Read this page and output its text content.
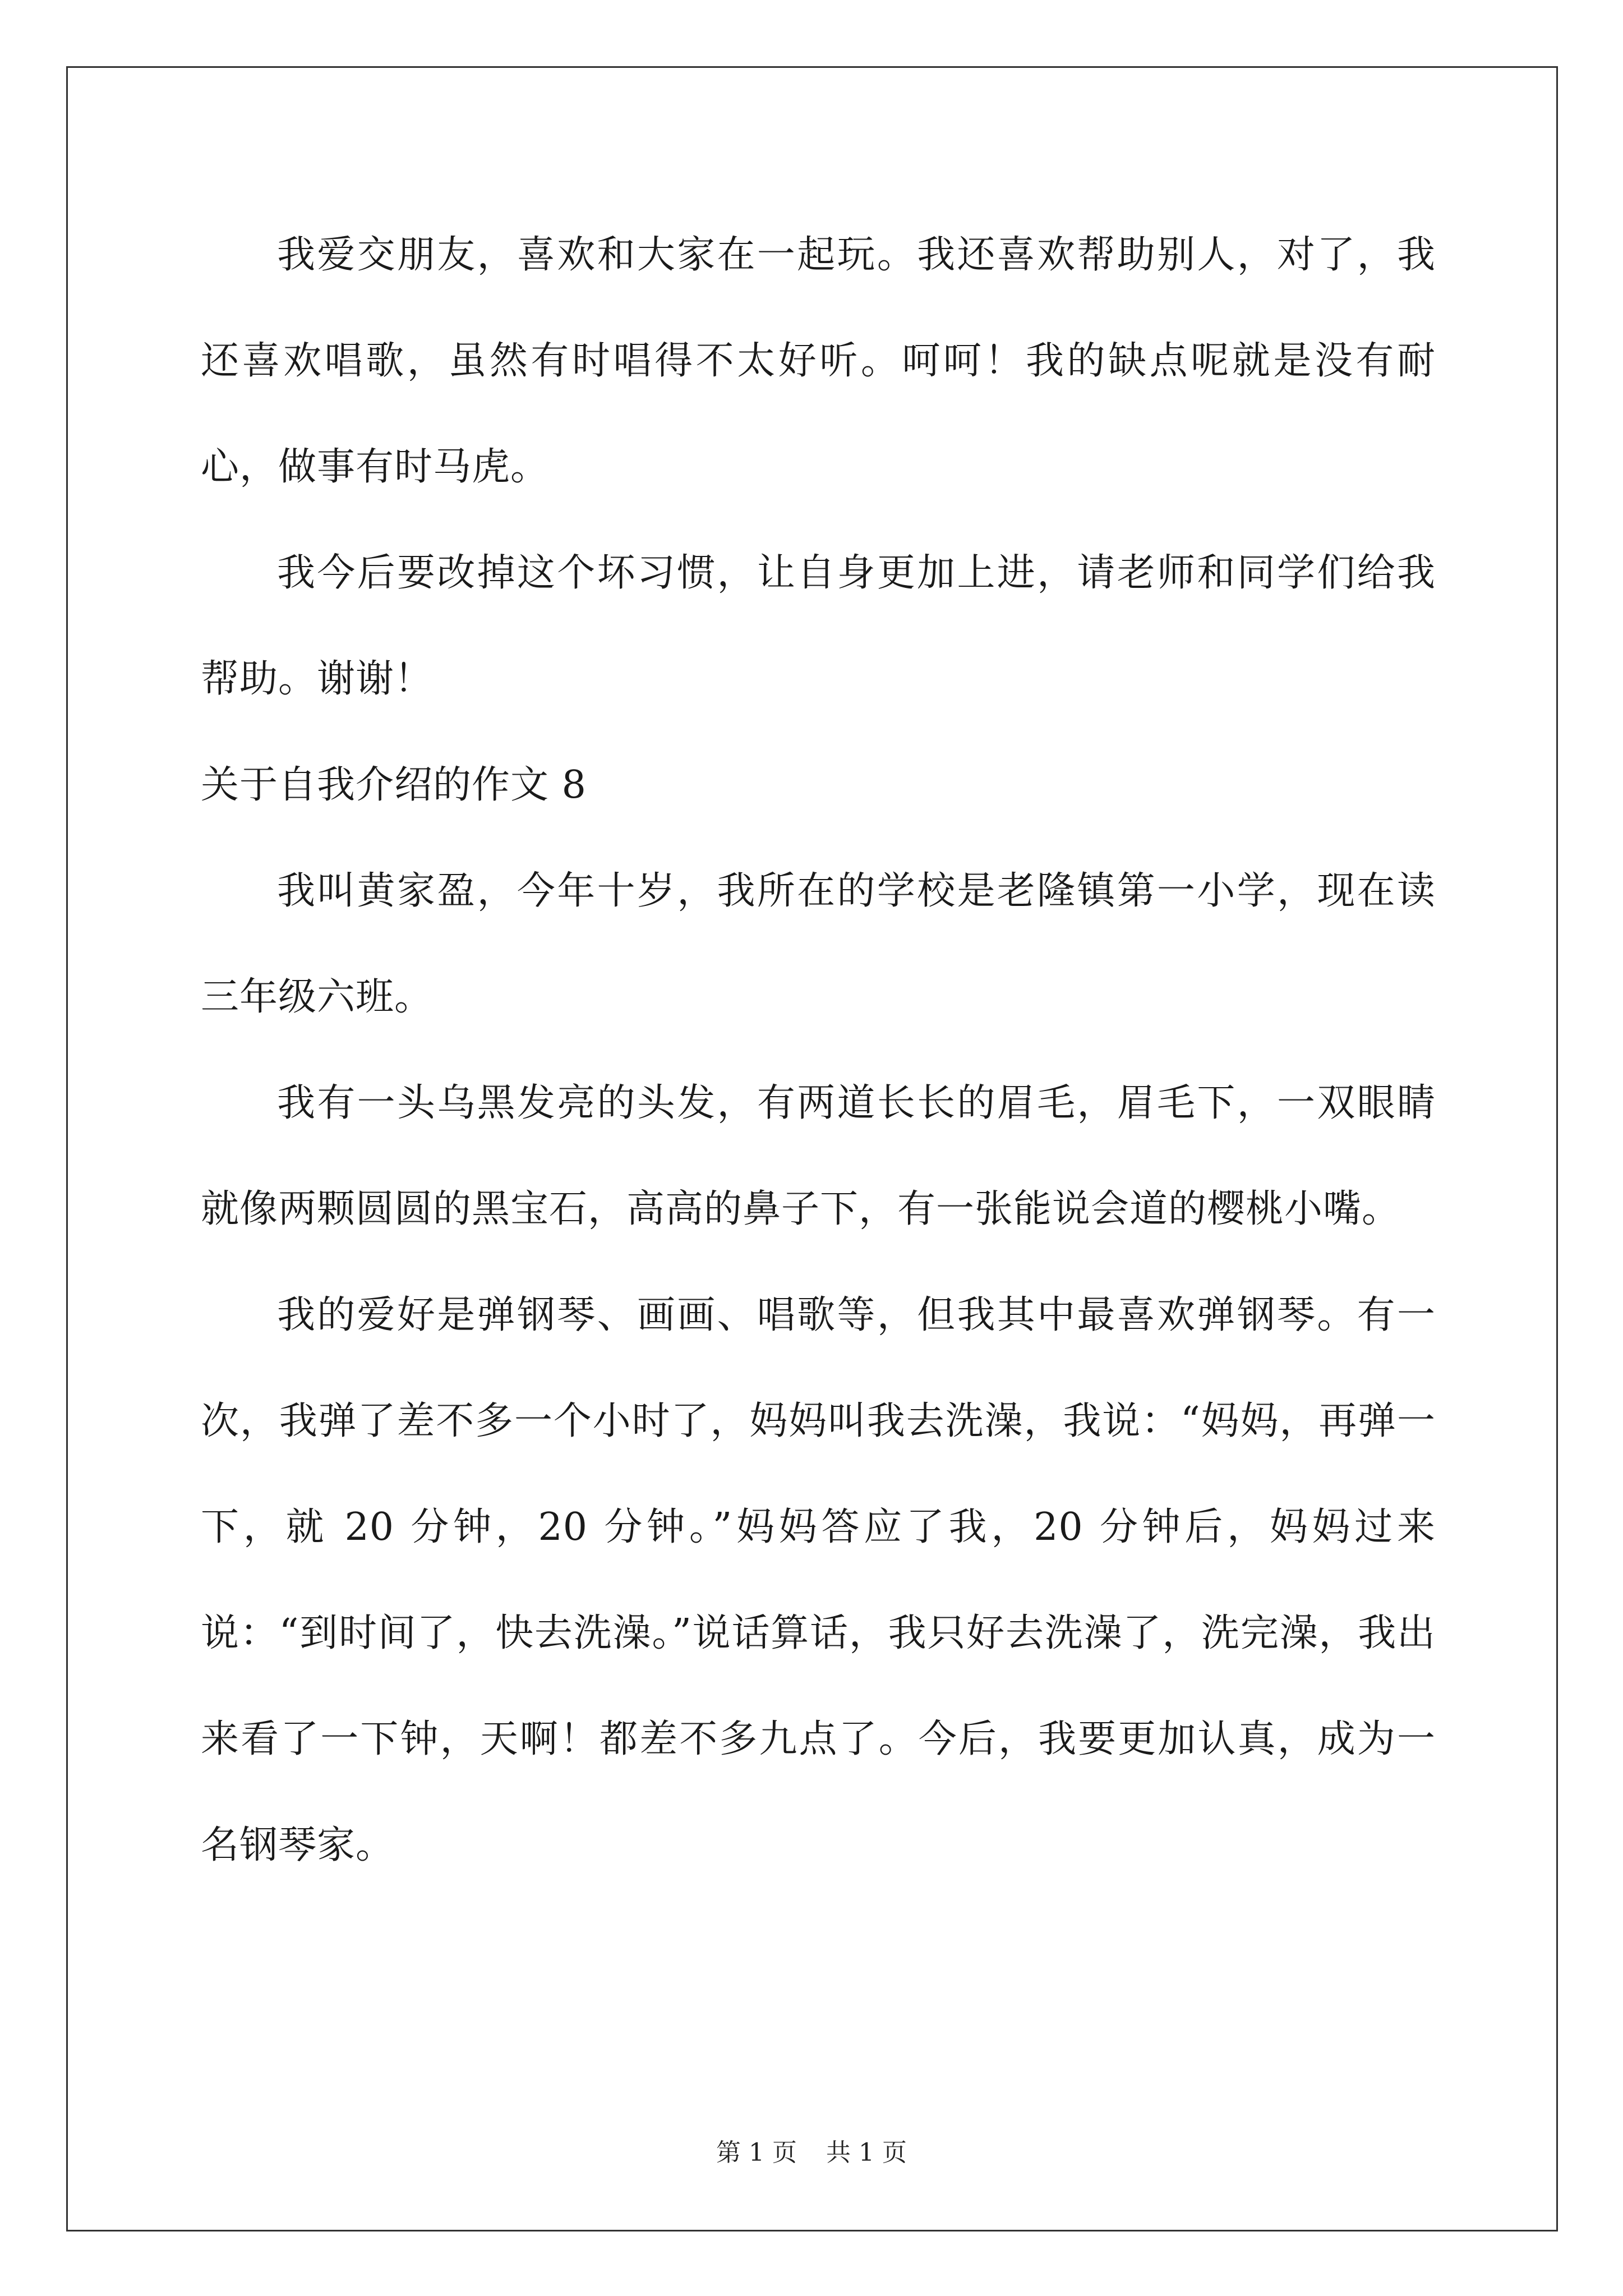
我爱交朋友，喜欢和大家在一起玩。我还喜欢帮助别人，对了，我还喜欢唱歌，虽然有时唱得不太好听。呵呵！我的缺点呢就是没有耐心，做事有时马虎。

我今后要改掉这个坏习惯，让自身更加上进，请老师和同学们给我帮助。谢谢！

关于自我介绍的作文 8

我叫黄家盈，今年十岁，我所在的学校是老隆镇第一小学，现在读三年级六班。

我有一头乌黑发亮的头发，有两道长长的眉毛，眉毛下，一双眼睛就像两颗圆圆的黑宝石，高高的鼻子下，有一张能说会道的樱桃小嘴。

我的爱好是弹钢琴、画画、唱歌等，但我其中最喜欢弹钢琴。有一次，我弹了差不多一个小时了，妈妈叫我去洗澡，我说：“妈妈，再弹一下，就 20 分钟，20 分钟。”妈妈答应了我，20 分钟后，妈妈过来说：“到时间了，快去洗澡。”说话算话，我只好去洗澡了，洗完澡，我出来看了一下钟，天啊！都差不多九点了。今后，我要更加认真，成为一名钢琴家。

第 1 页 共 1 页
